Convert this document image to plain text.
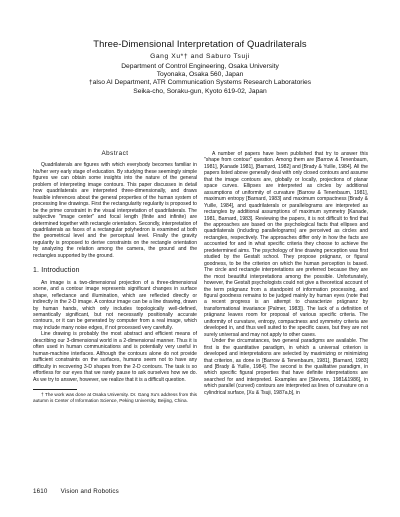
Three-Dimensional Interpretation of Quadrilaterals
Gang Xu*† and Saburo Tsuji
Department of Control Engineering, Osaka University
Toyonaka, Osaka 560, Japan
†also AI Department, ATR Communication Systems Research Laboratories
Seika-cho, Soraku-gun, Kyoto 619-02, Japan
Abstract

Quadrilaterals are figures with which everybody becomes familiar in his/her very early stage of education. By studying these seemingly simple figures we can obtain some insights into the nature of the general problem of interpreting image contours. This paper discusses in detail how quadrilaterals are interpreted three-dimensionally, and draws feasible inferences about the general properties of the human system of processing line drawings. First the rectangularity regularity is proposed to be the prime constraint in the visual interpretation of quadrilaterals. The subjective "image center" and focal length (finite and infinite) are determined together with rectangle orientation. Secondly, interpretation of quadrilaterals as faces of a rectangular polyhedron is examined at both the geometrical level and the perceptual level. Finally the gravity regularity is proposed to derive constraints on the rectangle orientation by analyzing the relation among the camera, the ground and the rectangles supported by the ground.

1. Introduction

An image is a two-dimensional projection of a three-dimensional scene, and a contour image represents significant changes in surface shape, reflectance and illumination, which are reflected directly or indirectly in the 2-D image. A contour image can be a line drawing, drawn by human hands, which only includes topologically well-defined, semantically significant, but not necessarily positionally accurate contours, or it can be generated by computer from a real image, which may include many noise edges, if not processed very carefully.

Line drawing is probably the most abstract and efficient means of describing our 3-dimensional world in a 2-dimensional manner. Thus it is often used in human communications and is potentially very useful in human-machine interfaces. Although the contours alone do not provide sufficient constraints on the surfaces, humans seem not to have any difficulty in recovering 3-D shapes from the 2-D contours. The task is so effortless for our eyes that we rarely pause to ask ourselves how we do. As we try to answer, however, we realize that it is a difficult question.

† The work was done at Osaka University. Dr. Gang Xu's address from this autumn is Center of Information Science, Peking University, Beijing, China.

A number of papers have been published that try to answer this "shape from contour" question. Among them are [Barrow & Tenenbaum, 1981], [Kanade 1981], [Barnard, 1982] and [Brady & Yuille, 1984]. All the papers listed above generally deal with only closed contours and assume that the image contours are, globally or locally, projections of planar space curves. Ellipses are interpreted as circles by additional assumptions of uniformity of curvature [Barrow & Tenenbaum, 1981], maximum entropy [Barnard, 1983] and maximum compactness [Brady & Yuille, 1984], and quadrilaterals or parallelograms are interpreted as rectangles by additional assumptions of maximum symmetry [Kanade, 1981, Barnard, 1983]. Reviewing the papers, it is not difficult to find that the approaches are based on the psychological facts that ellipses and quadrilaterals (including parallelograms) are perceived as circles and rectangles, respectively. The approaches differ only in how the facts are accounted for and in what specific criteria they choose to achieve the predetermined aims. The psychology of line drawing perception was first studied by the Gestalt school. They propose prägnanz, or figural goodness, to be the criterion on which the human perception is based. The circle and rectangle interpretations are preferred because they are the most beautiful interpretations among the possible. Unfortunately, however, the Gestalt psychologists could not give a theoretical account of the term prägnanz from a standpoint of information processing, and figural goodness remains to be judged mainly by human eyes (note that a recent progress is an attempt to characterize prägnanz by transformational invariance [Palmer, 1983]). The lack of a definition of prägnanz leaves room for proposal of various specific criteria. The uniformity of curvature, entropy, compactness and symmetry criteria are developed in, and thus well suited to the specific cases, but they are not surely universal and may not apply to other cases.

Under the circumstances, two general paradigms are available. The first is the quantitative paradigm, in which a universal criterion is developed and interpretations are selected by maximizing or minimizing that criterion, as done in [Barrow & Tenenbaum, 1981], [Barnard, 1983] and [Brady & Yuille, 1984]. The second is the qualitative paradigm, in which specific figural properties that have definite interpretations are searched for and interpreted. Examples are [Stevens, 1981&1986], in which parallel (curved) contours are interpreted as lines of curvature on a cylindrical surface, [Xu & Tsuji, 1987a,b], in

1610 Vision and Robotics
